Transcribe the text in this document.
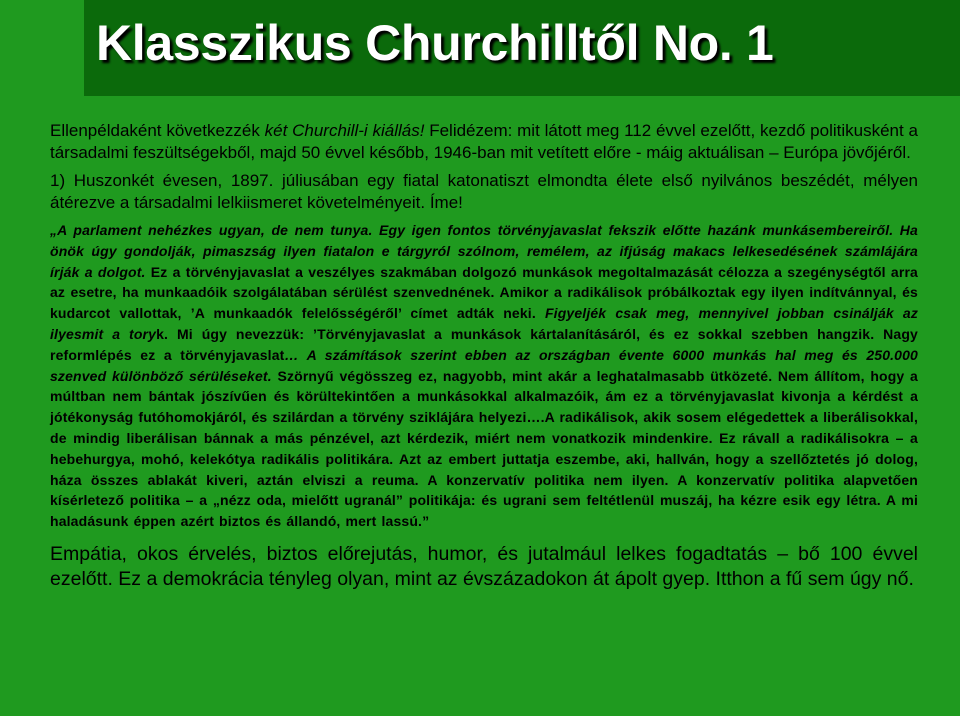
Klasszikus Churchilltől No. 1

Ellenpéldaként következzék két Churchill-i kiállás! Felidézem: mit látott meg 112 évvel ezelőtt, kezdő politikusként a társadalmi feszültségekből, majd 50 évvel később, 1946-ban mit vetített előre - máig aktuálisan – Európa jövőjéről.

1) Huszonkét évesen, 1897. júliusában egy fiatal katonatiszt elmondta élete első nyilvános beszédét, mélyen átérezve a társadalmi lelkiismeret követelményeit. Íme!

„A parlament nehézkes ugyan, de nem tunya. Egy igen fontos törvényjavaslat fekszik előtte hazánk munkásembereiről. Ha önök úgy gondolják, pimaszság ilyen fiatalon e tárgyról szólnom, remélem, az ifjúság makacs lelkesedésének számlájára írják a dolgot. Ez a törvényjavaslat a veszélyes szakmában dolgozó munkások megoltalmazását célozza a szegénységtől arra az esetre, ha munkaadóik szolgálatában sérülést szenvednének. Amikor a radikálisok próbálkoztak egy ilyen indítvánnyal, és kudarcot vallottak, ’A munkaadók felelősségéről’ címet adták neki. Figyeljék csak meg, mennyivel jobban csinálják az ilyesmit a toryk. Mi úgy nevezzük: ’Törvényjavaslat a munkások kártalanításáról, és ez sokkal szebben hangzik. Nagy reformlépés ez a törvényjavaslat… A számítások szerint ebben az országban évente 6000 munkás hal meg és 250.000 szenved különböző sérüléseket. Szörnyű végösszeg ez, nagyobb, mint akár a leghatalmasabb ütközeté. Nem állítom, hogy a múltban nem bántak jószívűen és körültekintően a munkásokkal alkalmazóik, ám ez a törvényjavaslat kivonja a kérdést a jótékonyság futóhomokjáról, és szilárdan a törvény sziklájára helyezi….A radikálisok, akik sosem elégedettek a liberálisokkal, de mindig liberálisan bánnak a más pénzével, azt kérdezik, miért nem vonatkozik mindenkire. Ez rávall a radikálisokra – a hebehurgya, mohó, kelekótya radikális politikára. Azt az embert juttatja eszembe, aki, hallván, hogy a szellőztetés jó dolog, háza összes ablakát kiveri, aztán elviszi a reuma. A konzervatív politika nem ilyen. A konzervatív politika alapvetően kísérletező politika – a „nézz oda, mielőtt ugranál” politikája: és ugrani sem feltétlenül muszáj, ha kézre esik egy létra. A mi haladásunk éppen azért biztos és állandó, mert lassú.”

Empátia, okos érvelés, biztos előrejutás, humor, és jutalmául lelkes fogadtatás – bő 100 évvel ezelőtt. Ez a demokrácia tényleg olyan, mint az évszázadokon át ápolt gyep. Itthon a fű sem úgy nő.
